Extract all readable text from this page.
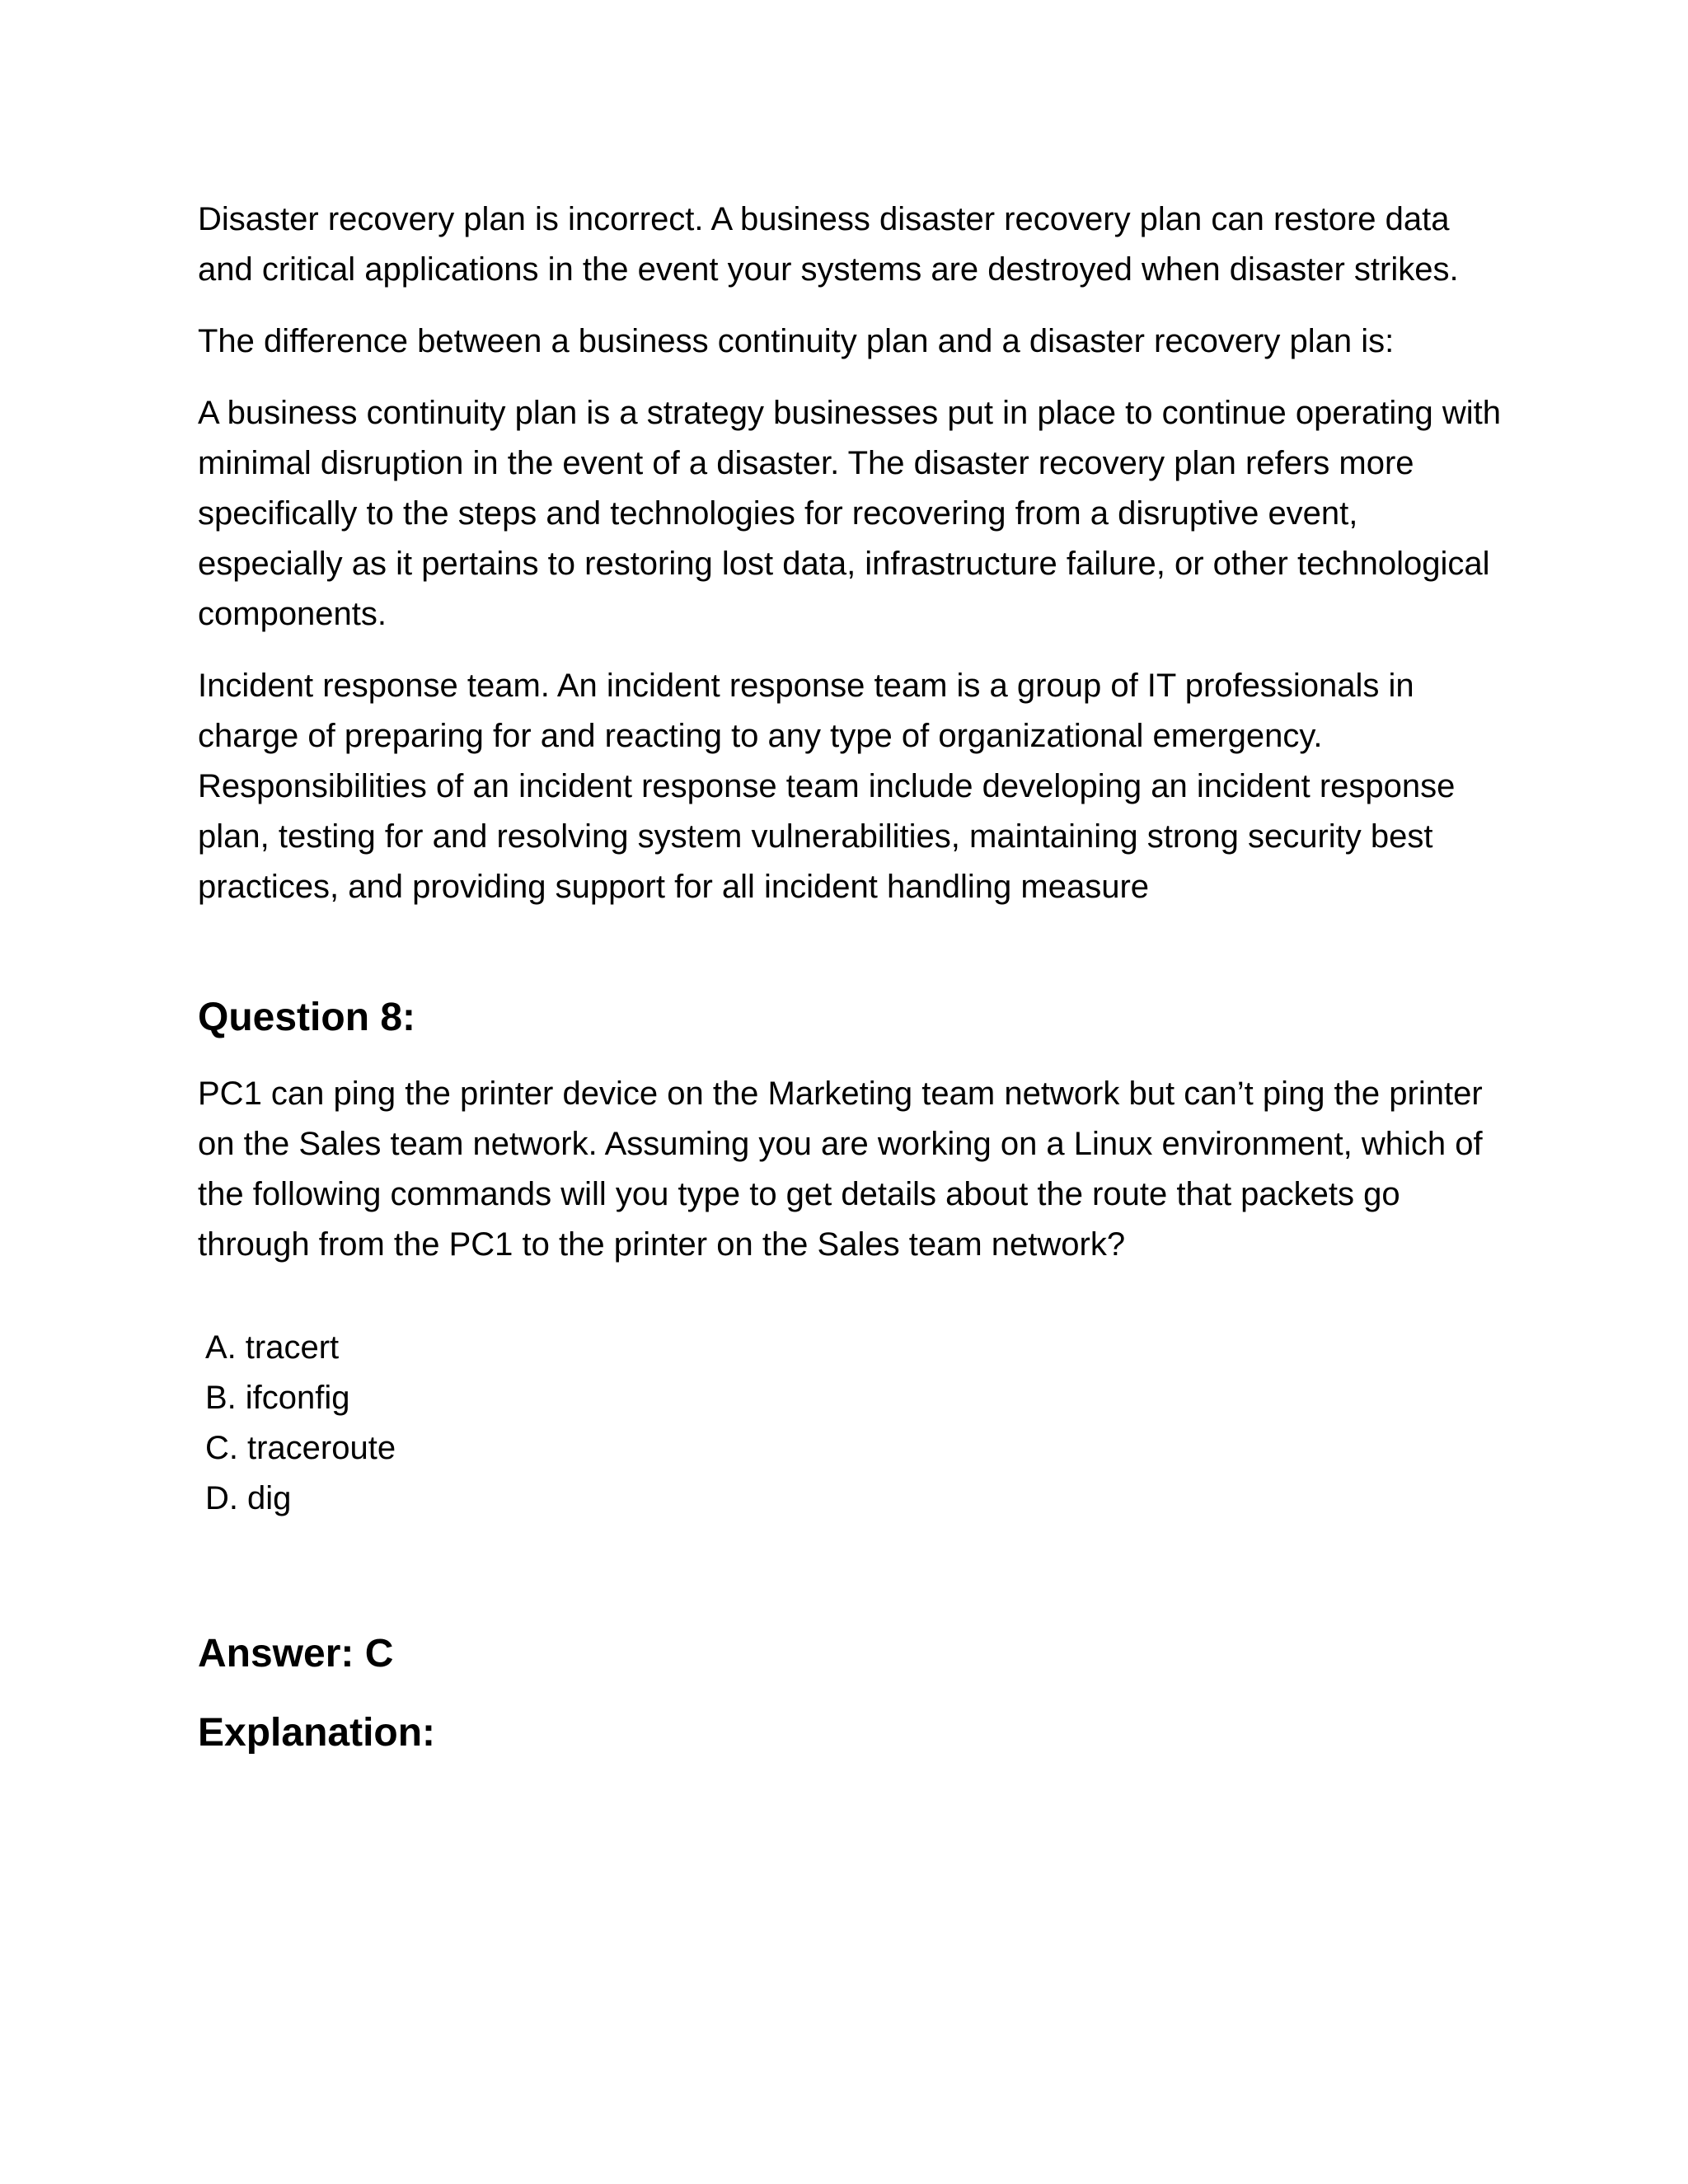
Disaster recovery plan is incorrect. A business disaster recovery plan can restore data and critical applications in the event your systems are destroyed when disaster strikes.

The difference between a business continuity plan and a disaster recovery plan is:

A business continuity plan is a strategy businesses put in place to continue operating with minimal disruption in the event of a disaster. The disaster recovery plan refers more specifically to the steps and technologies for recovering from a disruptive event, especially as it pertains to restoring lost data, infrastructure failure, or other technological components.

Incident response team. An incident response team is a group of IT professionals in charge of preparing for and reacting to any type of organizational emergency. Responsibilities of an incident response team include developing an incident response plan, testing for and resolving system vulnerabilities, maintaining strong security best practices, and providing support for all incident handling measure

Question 8:

PC1 can ping the printer device on the Marketing team network but can’t ping the printer on the Sales team network. Assuming you are working on a Linux environment, which of the following commands will you type to get details about the route that packets go through from the PC1 to the printer on the Sales team network?

A. tracert
B. ifconfig
C. traceroute
D. dig
Answer: C
Explanation:
